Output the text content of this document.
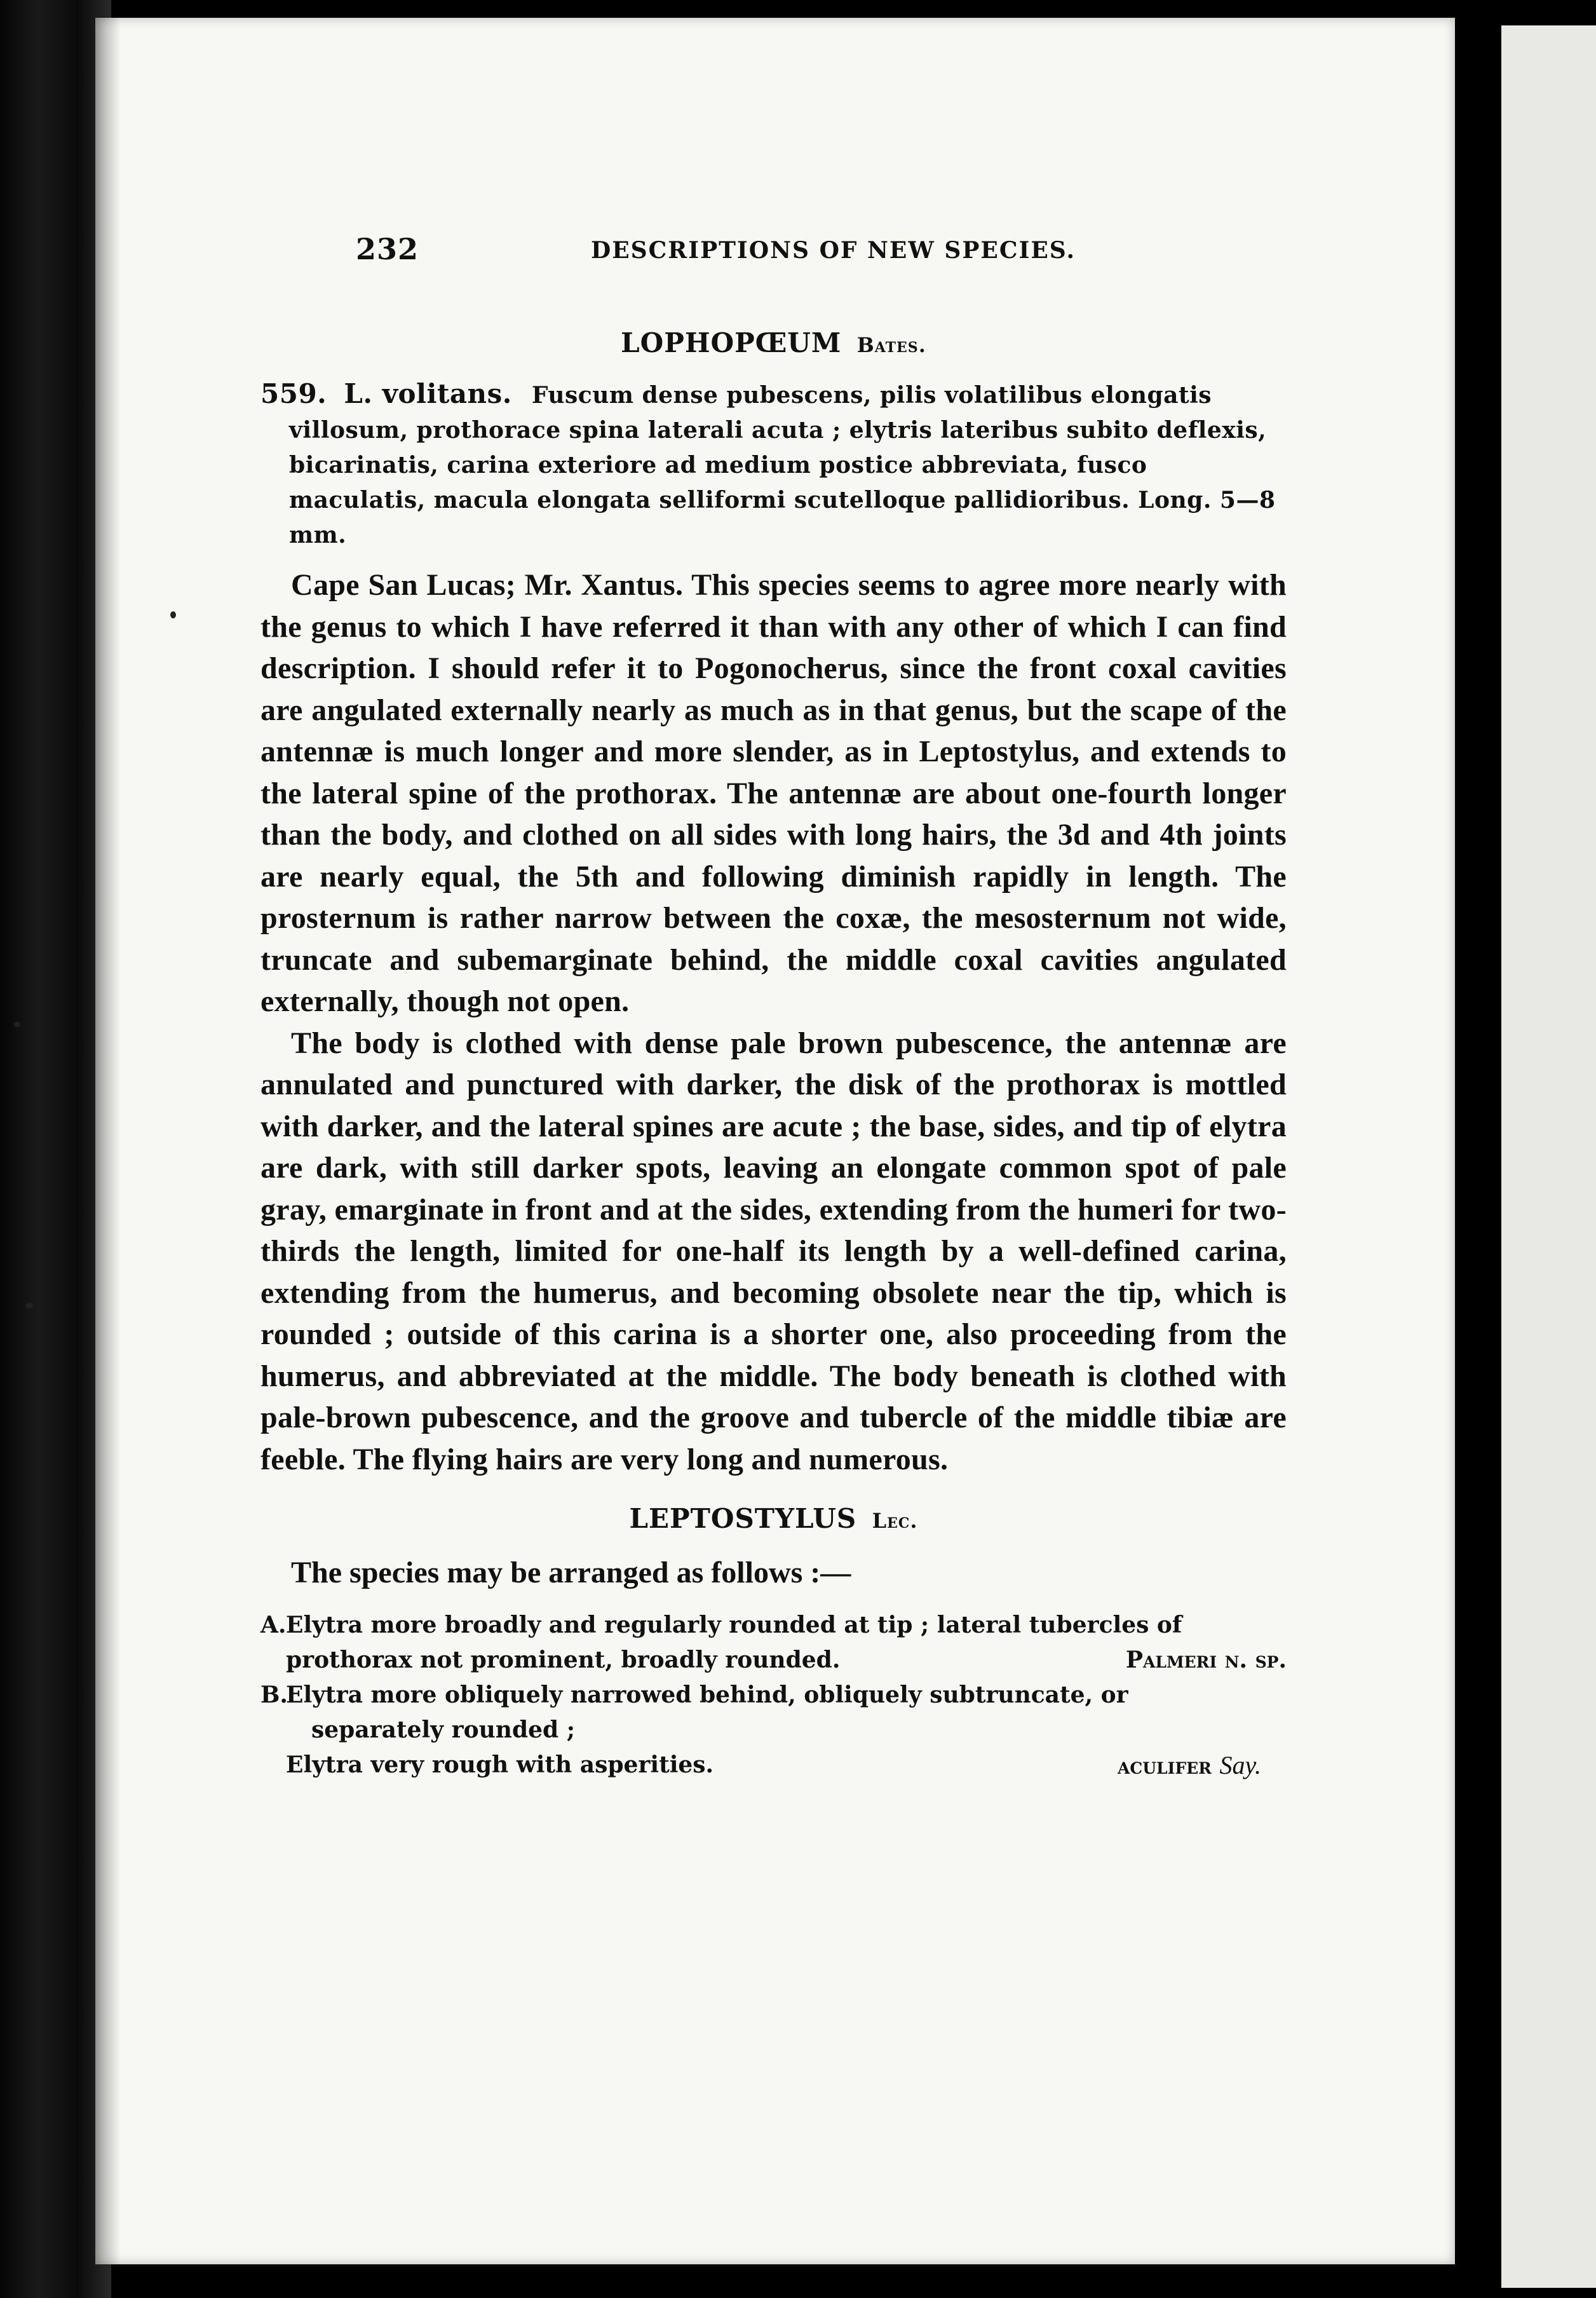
232	DESCRIPTIONS OF NEW SPECIES.
LOPHOPŒUM Bates.

559. L. volitans. Fuscum dense pubescens, pilis volatilibus elongatis villosum, prothorace spina laterali acuta ; elytris lateribus subito deflexis, bicarinatis, carina exteriore ad medium postice abbreviata, fusco maculatis, macula elongata selliformi scutelloque pallidioribus. Long. 5—8 mm.

Cape San Lucas; Mr. Xantus. This species seems to agree more nearly with the genus to which I have referred it than with any other of which I can find description. I should refer it to Pogonocherus, since the front coxal cavities are angulated externally nearly as much as in that genus, but the scape of the antennæ is much longer and more slender, as in Leptostylus, and extends to the lateral spine of the prothorax. The antennæ are about one-fourth longer than the body, and clothed on all sides with long hairs, the 3d and 4th joints are nearly equal, the 5th and following diminish rapidly in length. The prosternum is rather narrow between the coxæ, the mesosternum not wide, truncate and subemarginate behind, the middle coxal cavities angulated externally, though not open.

The body is clothed with dense pale brown pubescence, the antennæ are annulated and punctured with darker, the disk of the prothorax is mottled with darker, and the lateral spines are acute ; the base, sides, and tip of elytra are dark, with still darker spots, leaving an elongate common spot of pale gray, emarginate in front and at the sides, extending from the humeri for two-thirds the length, limited for one-half its length by a well-defined carina, extending from the humerus, and becoming obsolete near the tip, which is rounded ; outside of this carina is a shorter one, also proceeding from the humerus, and abbreviated at the middle. The body beneath is clothed with pale-brown pubescence, and the groove and tubercle of the middle tibiæ are feeble. The flying hairs are very long and numerous.

LEPTOSTYLUS Lec.
The species may be arranged as follows :—
A. Elytra more broadly and regularly rounded at tip ; lateral tubercles of
prothorax not prominent, broadly rounded.	Palmeri n. sp.
B.
Elytra more obliquely narrowed behind, obliquely subtruncate, or
separately rounded ;
Elytra very rough with asperities.	aculifer Say.
